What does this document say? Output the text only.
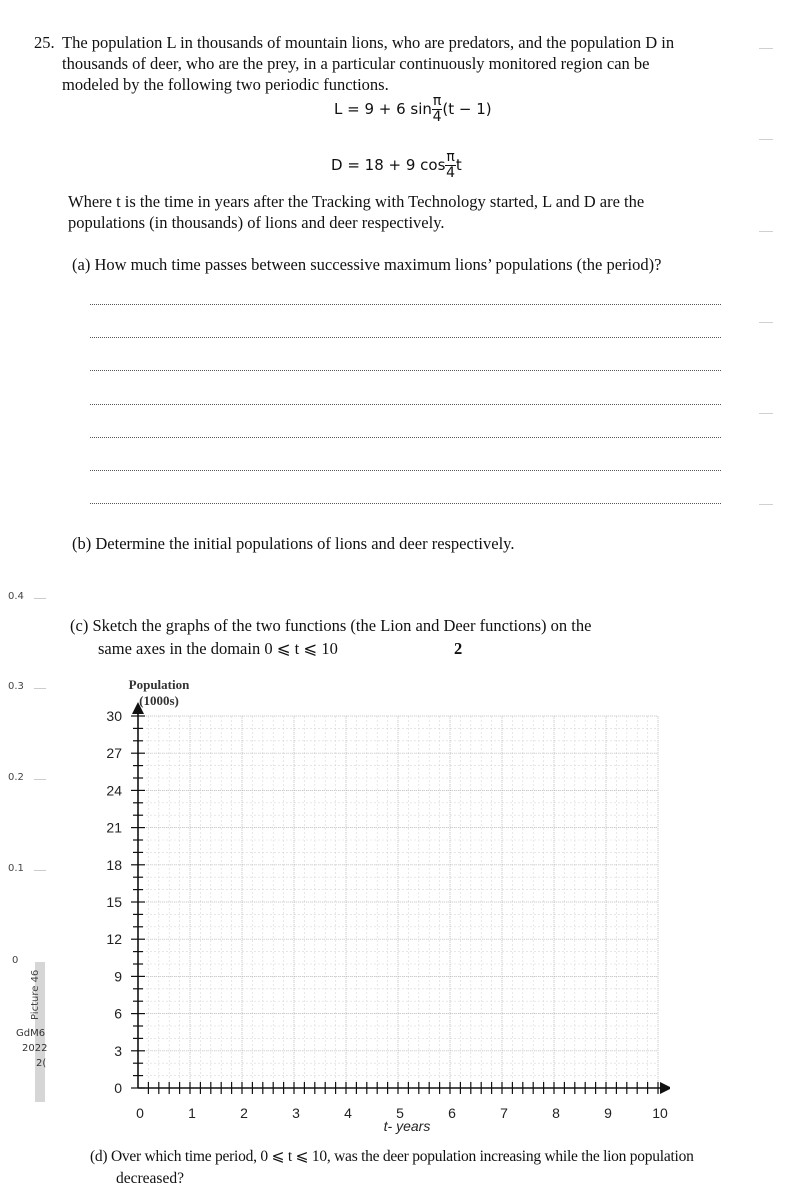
0.4
0.3
0.2
0.1
0
Picture 46
GdM6
2022
2(
25. The population L in thousands of mountain lions, who are predators, and the population D in
thousands of deer, who are the prey, in a particular continuously monitored region can be
modeled by the following two periodic functions.
L = 9 + 6 $\sin \frac{\pi}{4} (t - 1)$
D = 18 + 9 $\cos \frac{\pi}{4}$ t
Where t is the time in years after the Tracking with Technology started, L and D are the
populations (in thousands) of lions and deer respectively.
(a) How much time passes between successive maximum lions’ populations (the period)?
(b) Determine the initial populations of lions and deer respectively.
(c) Sketch the graphs of the two functions (the Lion and Deer functions) on the
same axes in the domain 0 ⩽ t ⩽ 10	2
Population
(1000s)
0
3
6
9
12
15
18
21
24
27
30
0	1	2	3	4	5	6	7	8	9	10
t- years
(d) Over which time period, 0 ⩽ t ⩽ 10, was the deer population increasing while the lion population
decreased?
